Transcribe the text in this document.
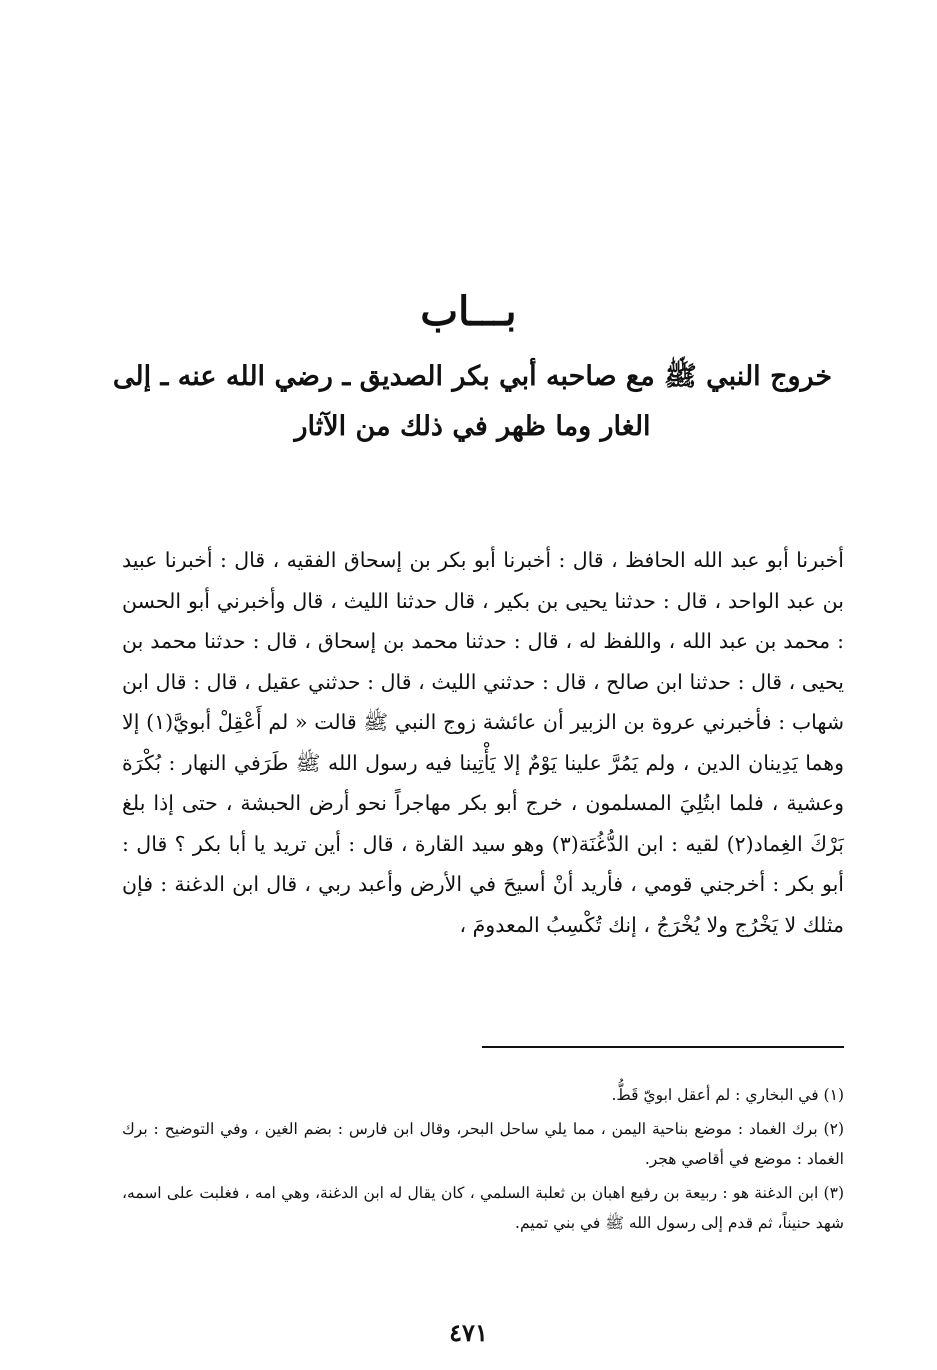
بـــاب
خروج النبي ﷺ مع صاحبه أبي بكر الصديق ـ رضي الله عنه ـ إلى الغار وما ظهر في ذلك من الآثار

أخبرنا أبو عبد الله الحافظ ، قال : أخبرنا أبو بكر بن إسحاق الفقيه ، قال : أخبرنا عبيد بن عبد الواحد ، قال : حدثنا يحيى بن بكير ، قال حدثنا الليث ، قال وأخبرني أبو الحسن : محمد بن عبد الله ، واللفظ له ، قال : حدثنا محمد بن إسحاق ، قال : حدثنا محمد بن يحيى ، قال : حدثنا ابن صالح ، قال : حدثني الليث ، قال : حدثني عقيل ، قال : قال ابن شهاب : فأخبرني عروة بن الزبير أن عائشة زوج النبي ﷺ قالت « لم أَعْقِلْ أبويَّ(١) إلا وهما يَدِينان الدين ، ولم يَمُرَّ علينا يَوْمٌ إلا يَأْتِينا فيه رسول الله ﷺ طَرَفي النهار : بُكْرَة وعشية ، فلما ابتُلِيَ المسلمون ، خرج أبو بكر مهاجراً نحو أرض الحبشة ، حتى إذا بلغ بَرْكَ الغِماد(٢) لقيه : ابن الدُّغُنَة(٣) وهو سيد القارة ، قال : أين تريد يا أبا بكر ؟ قال : أبو بكر : أخرجني قومي ، فأريد أنْ أسيحَ في الأرض وأعبد ربي ، قال ابن الدغنة : فإن مثلك لا يَخْرُج ولا يُخْرَجُ ، إنك تُكْسِبُ المعدومَ ،

(١) في البخاري : لم أعقل ابويّ قَطُّ.

(٢) برك الغماد : موضع بناحية اليمن ، مما يلي ساحل البحر، وقال ابن فارس : بضم الغين ، وفي التوضيح : برك الغماد : موضع في أقاصي هجر.

(٣) ابن الدغنة هو : ربيعة بن رفيع اهبان بن ثعلبة السلمي ، كان يقال له ابن الدغنة، وهي امه ، فغلبت على اسمه، شهد حنيناً، ثم قدم إلى رسول الله ﷺ في بني تميم.

٤٧١
